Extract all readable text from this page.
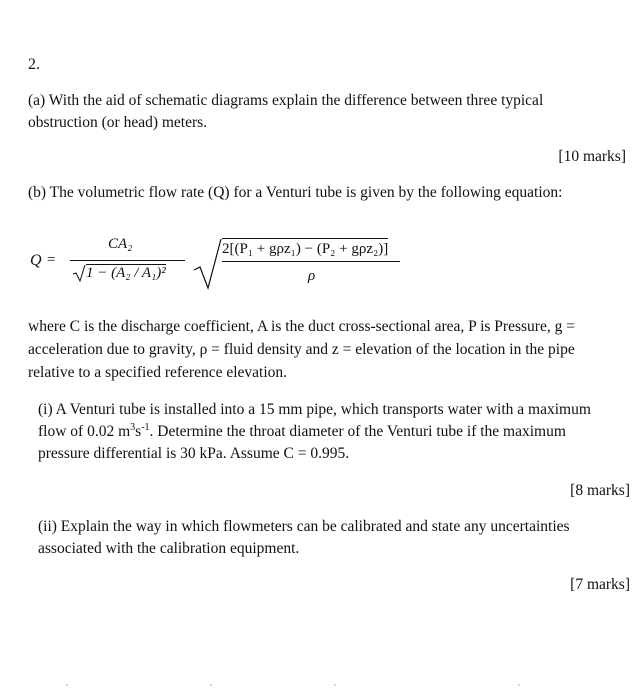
2.
(a) With the aid of schematic diagrams explain the difference between three typical
obstruction (or head) meters.
[10 marks]
(b) The volumetric flow rate (Q) for a Venturi tube is given by the following equation:
Q =
CA₂
1 − (A₂ / A₁)²
2[(P₁ + gρz₁) − (P₂ + gρz₂)]
ρ
where C is the discharge coefficient, A is the duct cross-sectional area, P is Pressure, g =
acceleration due to gravity, ρ = fluid density and z = elevation of the location in the pipe
relative to a specified reference elevation.
(i) A Venturi tube is installed into a 15 mm pipe, which transports water with a maximum
flow of 0.02 $m^3s^{-1}$. Determine the throat diameter of the Venturi tube if the maximum
pressure differential is 30 kPa. Assume C = 0.995.
[8 marks]
(ii) Explain the way in which flowmeters can be calibrated and state any uncertainties
associated with the calibration equipment.
[7 marks]
